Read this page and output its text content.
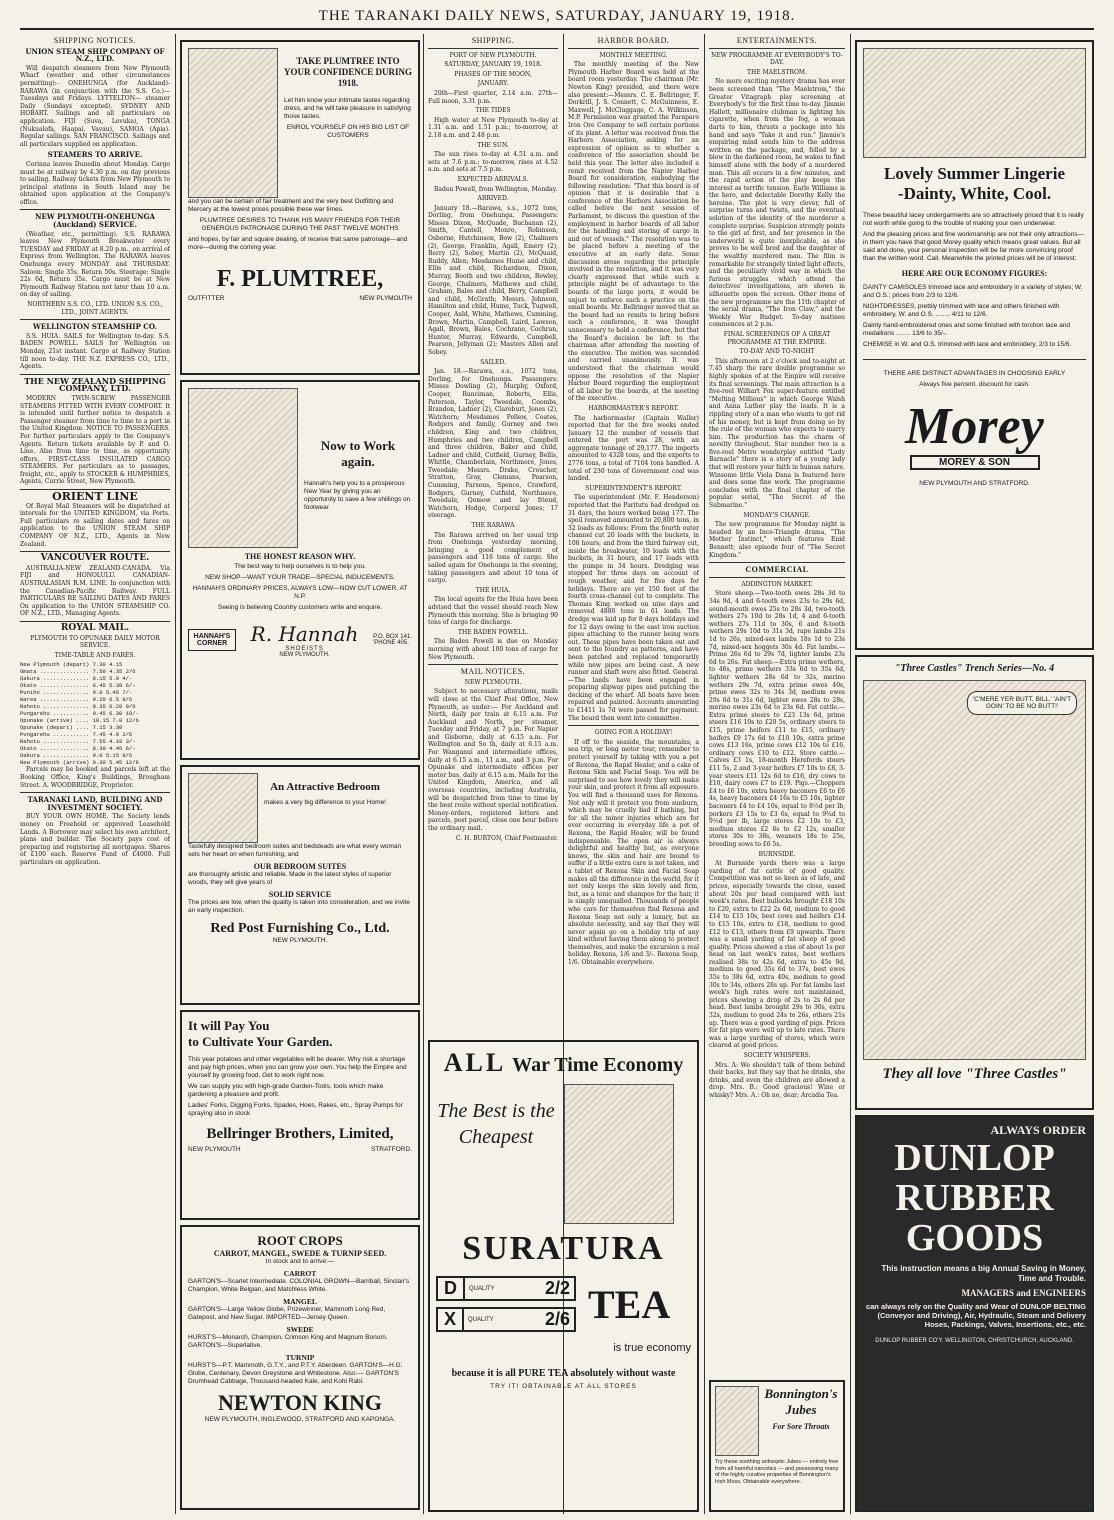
THE TARANAKI DAILY NEWS, SATURDAY, JANUARY 19, 1918.
SHIPPING NOTICES.
UNION STEAM SHIP COMPANY OF N.Z., LTD.

Will despatch steamers from New Plymouth Wharf (weather and other circumstances permitting):- ONEHUNGA (for Auckland)- RARAWA (in conjunction with the S.S. Co.)—Tuesdays and Fridays. LYTTELTON— steamer Daily (Sundays excepted). SYDNEY AND HOBART. Sailings and all particulars on application. FIJI (Suva, Levuka), TONGA (Nukualofa, Haapai, Vavau), SAMOA (Apia). Regular sailings. SAN FRANCISCO. Sailings and all particulars supplied on application.

STEAMERS TO ARRIVE.

Corinna leaves Dunedin about Monday. Cargo must be at railway by 4.30 p.m. on day previous to sailing. Railway tickets from New Plymouth to principal stations in South Island may be obtained upon application at the Company's office.

NEW PLYMOUTH-ONEHUNGA (Auckland) SERVICE.

(Weather, etc., permitting). S.S. RARAWA leaves New Plymouth Breakwater every TUESDAY and FRIDAY at 8.20 p.m., on arrival of Express from Wellington. The RARAWA leaves Onehunga every MONDAY and THURSDAY. Saloon: Single 35s, Return 50s. Steerage: Single 22s 6d, Return 35s. Cargo must be at New Plymouth Railway Station not later than 10 a.m. on day of sailing.

NORTHERN S.S. CO., LTD. UNION S.S. CO., LTD., JOINT AGENTS.
WELLINGTON STEAMSHIP CO.

S.S. HUIA. SAILS for Wellington to-day. S.S. BADEN POWELL. SAILS for Wellington on Monday, 21st instant. Cargo at Railway Station till noon to-day. THE N.Z. EXPRESS CO., LTD., Agents.

THE NEW ZEALAND SHIPPING COMPANY, LTD.

MODERN TWIN-SCREW PASSENGER STEAMERS FITTED WITH EVERY COMFORT. It is intended until further notice to despatch a Passenger steamer from time to time to a port in the United Kingdom. NOTICE TO PASSENGERS. For further particulars apply to the Company's Agents. Return tickets available by P. and O. Line. Also from time to time, as opportunity offers, FIRST-CLASS INSULATED CARGO STEAMERS. For particulars as to passages, freight, etc., apply to STOCKER & HUMPHRIES, Agents, Currie Street, New Plymouth.

ORIENT LINE

Of Royal Mail Steamers will be dispatched at intervals for the UNITED KINGDOM, via Ports. Full particulars re sailing dates and fares on application to the UNION STEAM SHIP COMPANY OF N.Z., LTD., Agents in New Zealand.

VANCOUVER ROUTE.

AUSTRALIA-NEW ZEALAND-CANADA. Via FIJI and HONOLULU. CANADIAN-AUSTRALASIAN R.M. LINE. In conjunction with the Canadian-Pacific Railway. FULL PARTICULARS RE SAILING DATES AND FARES On application to the UNION STEAMSHIP CO. OF N.Z., LTD., Managing Agents.

ROYAL MAIL.
PLYMOUTH TO OPUNAKE DAILY MOTOR SERVICE.
TIME-TABLE AND FARES.
New Plymouth (depart) 7.30 4.15
Omata ............... 7.50 4.35 2/6
Oakura .............. 8.15 5.0 4/-
Okato ............... 8.45 5.30 6/-
Puniho .............. 9.0 5.45 7/-
Warea ............... 9.20 6.5 8/6
Rahotu .............. 9.35 6.20 9/6
Pungarehu ........... 9.45 6.30 10/-
Opunake (arrive) .... 10.15 7.0 12/6
Opunake (depart) .... 7.15 3.30
Pungarehu ........... 7.45 4.0 2/6
Rahotu .............. 7.55 4.10 3/-
Okato ............... 8.30 4.45 6/-
Oakura .............. 9.0 5.15 8/6
New Plymouth (arrive) 9.30 5.45 12/6

Parcels may be booked and parcels left at the Booking Office, King's Buildings, Brougham Street. A. WOODBRIDGE, Proprietor.

TARANAKI LAND, BUILDING AND INVESTMENT SOCIETY.

BUY YOUR OWN HOME. The Society lends money on Freehold or approved Leasehold Lands. A Borrower may select his own architect, plans and builder. The Society pays cost of preparing and registering all mortgages. Shares of £100 each. Reserve Fund of £4000. Full particulars on application.

TAKE PLUMTREE INTO YOUR CONFIDENCE DURING 1918.

Let him know your intimate tastes regarding dress, and he will take pleasure in satisfying those tastes.

ENROL YOURSELF ON HIS BIG LIST OF CUSTOMERS

and you can be certain of fair treatment and the very best Outfitting and Mercery at the lowest prices possible these war times.

PLUMTREE DESIRES TO THANK HIS MANY FRIENDS FOR THEIR GENEROUS PATRONAGE DURING THE PAST TWELVE MONTHS

and hopes, by fair and square dealing, of receive that same patronage—and more—during the coming year.

F. PLUMTREE,
OUTFITTER	NEW PLYMOUTH
Now to Work again.

Hannah's help you to a prosperous New Year by giving you an opportunity to save a few shillings on footwear

THE HONEST REASON WHY.

The best way to help ourselves is to help you.

NEW SHOP—WANT YOUR TRADE—SPECIAL INDUCEMENTS.

HANNAH'S ORDINARY PRICES, ALWAYS LOW—NOW CUT LOWER, AT N.P.

Seeing is believing Country customers write and enquire.

HANNAH'S CORNER	R. Hannah
SHOEISTS
NEW PLYMOUTH.
P.O. BOX 141.
'PHONE 405.
An Attractive Bedroom

makes a very big difference to your Home!

Tastefully designed bedroom suites and bedsteads are what every woman sets her heart on when furnishing, and

OUR BEDROOM SUITES

are thoroughly artistic and reliable. Made in the latest styles of superior woods, they will give years of

SOLID SERVICE

The prices are low, when the quality is taken into consideration, and we invite an early inspection.

Red Post Furnishing Co., Ltd.

NEW PLYMOUTH.

It will Pay You
to Cultivate Your Garden.

This year potatoes and other vegetables will be dearer. Why risk a shortage and pay high prices, when you can grow your own. You help the Empire and yourself by growing food. Get to work right now.

We can supply you with high-grade Garden-Tools, tools which make gardening a pleasure and profit.

Ladies' Forks, Digging Forks, Spades, Hoes, Rakes, etc., Spray Pumps for spraying also in stock

Bellringer Brothers, Limited,
NEW PLYMOUTH	STRATFORD.
ROOT CROPS
CARROT, MANGEL, SWEDE & TURNIP SEED.

In stock and to arrive:—

CARROT

GARTON'S—Scarlet Intermediate. COLONIAL GROWN—Barriball, Sinclair's Champion, White Belgian, and Matchless White.

MANGEL

GARTON'S—Large Yellow Globe, Prizewinner, Mammoth Long Red, Gatepost, and New Sugar. IMPORTED—Jersey Queen.

SWEDE

HURST'S—Monarch, Champion, Crimson King and Magnum Bonum. GARTON'S—Superlative.

TURNIP

HURST'S—P.T. Mammoth, G.T.Y., and P.T.Y. Aberdeen. GARTON'S—H.G. Globe, Centenary, Devon Greystone and Whitestone. Also:— GARTON'S Drumhead Cabbage, Thousand-headed Kale, and Kohl Rabi.

NEWTON KING

NEW PLYMOUTH, INGLEWOOD, STRATFORD AND KAPONGA.

SHIPPING.
PORT OF NEW PLYMOUTH.
SATURDAY, JANUARY 19, 1918.
PHASES OF THE MOON,
JANUARY.

20th—First quarter, 2.14 a.m. 27th—Full moon, 3.31 p.m.

THE TIDES

High water at New Plymouth to-day at 1.31 a.m. and 1.51 p.m.; to-morrow, at 2.18 a.m. and 2.48 p.m.

THE SUN.

The sun rises to-day at 4.51 a.m. and sets at 7.6 p.m.; to-morrow, rises at 4.52 a.m. and sets at 7.5 p.m.

EXPECTED ARRIVALS.

Baden Powell, from Wellington, Monday.

ARRIVED.

January 18.—Rarawa, s.s., 1072 tons, Dorling, from Onehunga. Passengers: Misses Dixon, McQuade, Buchanan (2), Smith, Cantell, Monro, Robinson, Osborne, Hutchinson, Bow (2), Chalmers (2), George, Franklin, Agall, Emery (2), Berry (2), Sobey, Martin (2), McQuaid, Ruddy, Allen; Mesdames Hume and child, Ellis and child, Richardson, Dixon, Murray, Booth and two children, Bewley, George, Chalmers, Mathews and child, Graham, Bales and child, Berry, Campbell and child, McGrath; Messrs. Johnson, Hamilton and child, Hume, Tuck, Tugwell, Cooper, Auld, White, Mathews, Cumming, Brown, Martin, Campbell, Laird, Lawson, Agall, Brown, Bales, Cochrane, Cochran, Hunter, Murray, Edwards, Campbell, Pearson, Jellyman (2); Masters Allen and Sobey.

SAILED.

Jan. 18.—Rarawa, s.s., 1072 tons, Dorling, for Onehunga. Passengers: Misses Dowling (2), Murphy, Oxford, Cooper, Runciman, Roberts, Ellis, Paterson, Taylor, Tweedale, Coombs, Brandon, Ladner (2), Clareburt, Jones (2), Watchorn; Mesdames Pellew, Coates, Rodgers and family, Gurney and two children, King and two children, Humphries and two children, Campbell and three children, Baker and child, Ladner and child, Cutfield, Gurney, Bellis, Whittle, Chamberlain, Northmore, Jones, Tweedale; Messrs. Drake, Croucher, Stratton, Gray, Clemans, Pearson, Cumming, Parsons, Spence, Crawford, Rodgers, Gurney, Cutfield, Northmore, Tweedale, Qemow and lay friend, Watchorn, Hodge, Corporal Jones; 17 steerage.

THE RARAWA

The Rarawa arrived on her usual trip from Onehunga yesterday morning, bringing a good complement of passengers and 116 tons of cargo. She sailed again for Onehunga in the evening, taking passengers and about 10 tons of cargo.

THE HUIA.

The local agents for the Huia have been advised that the vessel should reach New Plymouth this morning. She is bringing 90 tons of cargo for discharge.

THE BADEN POWELL.

The Baden Powell is due on Monday morning with about 100 tons of cargo for New Plymouth.

MAIL NOTICES.
NEW PLYMOUTH.

Subject to necessary alterations, mails will close at the Chief Post Office, New Plymouth, as under:— For Auckland and North, daily per train at 6.15 a.m. For Auckland and North, per steamer, Tuesday and Friday, at 7 p.m. For Napier and Gisborne, daily at 6.15 a.m. For Wellington and So th, daily at 6.15 a.m. For Wanganui and intermediate offices, daily at 6.15 a.m., 11 a.m., and 3 p.m. For Opunake and intermediate offices per motor bus, daily at 6.15 a.m. Mails for the United Kingdom, America, and all overseas countries, including Australia, will be despatched from time to time by the best route without special notification. Money-orders, registered letters and parcels, post parcel, close one hour before the ordinary mail.

C. H. BURTON, Chief Postmaster.

HARBOR BOARD.
MONTHLY MEETING.

The monthly meeting of the New Plymouth Harbor Board was held at the board room yesterday. The chairman (Mr. Newton King) presided, and there were also present:—Messrs. C. E. Bellringer, F. Dorkrill, J. S. Connett, C. McGuinness, E. Maxwell, J. McCluggage, C. A. Wilkinson, M.P. Permission was granted the Paraparo Iron Ore Company to sell certain portions of its plant. A letter was received from the Harbors Association, asking for an expression of opinion as to whether a conference of the association should be held this year. The letter also included a remit received from the Napier Harbor Board for consideration, embodying the following resolution: "That this board is of opinion that it is desirable that a conference of the Harbors Association be called before the next session of Parliament, to discuss the question of the employment in harbor boards of all labor for the handling and storing of cargo in and out of vessels." The resolution was to be placed before a meeting of the executive at an early date. Some discussion arose regarding the principle involved in the resolution, and it was very clearly expressed that while such a principle might be of advantage to the boards of the large ports, it would be unjust to enforce such a practice on the small boards. Mr. Bellringer moved that as the board had no remits to bring before such a conference, it was thought unnecessary to hold a conference, but that the Board's decision be left to the chairman after attending the meeting of the executive. The motion was seconded and carried unanimously. It was understood that the chairman would oppose the resolution of the Napier Harbor Board regarding the employment of all labor by the boards, at the meeting of the executive.

HARBORMASTER'S REPORT.

The harbormaster (Captain Waller) reported that for the five weeks ended January 12 the number of vessels that entered the port was 28, with an aggregate tonnage of 29,177. The imports amounted to 4328 tons, and the exports to 2776 tons, a total of 7104 tons handled. A total of 230 tons of Government coal was landed.

SUPERINTENDENT'S REPORT.

The superintendent (Mr. F. Henderson) reported that the Paritutu had dredged on 31 days, the hours worked being 177. The spoil removed amounted to 20,800 tons, in 32 loads as follows: From the fourth outer channel cut 20 loads with the buckets, in 108 hours; and from the third fairway cut, inside the breakwater, 10 loads with the buckets, in 31 hours, and 17 loads with the pumps in 34 hours. Dredging was stopped for three days on account of rough weather, and for five days for holidays. There are yet 150 feet of the fourth cross-channel cut to complete. The Thomas King worked on nine days and removed 4880 tons in 61 loads. The dredge was laid up for 8 days holidays and for 12 days owing to the east iron suction pipes attaching to the runner being worn out. These pipes have been taken out and sent to the foundry as patterns, and have been patched and replaced temporarily while new pipes are being cast. A new runner and shaft were also fitted. General.—The lands have been engaged in preparing slipway pipes and patching the decking of the wharf. All boats have been repaired and painted. Accounts amounting to £1411 1s 7d were passed for payment. The board then went into committee.

GOING FOR A HOLIDAY!

If off to the seaside, the mountains, a sea trip, or long motor tour, remember to protect yourself by taking with you a pot of Rexona, the Rapid Healer, and a cake of Rexona Skin and Facial Soap. You will be surprised to see how lovely they will make your skin, and protect it from all exposure. You will find a thousand uses for Rexona. Not only will it protect you from sunburn, which may be cruelly bad if bathing, but for all the minor injuries which are for ever occurring in everyday life a pot of Rexona, the Rapid Healer, will be found indispensable. The open air is always delightful and healthy but, as everyone knows, the skin and hair are bound to suffer if a little extra care is not taken, and a tablet of Rexona Skin and Facial Soap makes all the difference in the world, for it not only keeps the skin lovely and firm, but, as a tonic and shampoo for the hair, it is simply unequalled. Thousands of people who care for themselves find Rexona and Rexona Soap not only a luxury, but an absolute necessity, and say that they will never again go on a holiday trip of any kind without having them along to protect themselves, and make the excursion a real holiday. Rexona, 1/6 and 3/-. Rexona Soap, 1/6. Obtainable everywhere.

ALL War Time Economy
The Best is the Cheapest
SURATURA
D	QUALITY	2/2
X	QUALITY	2/6 TEA
is true economy
because it is all PURE TEA absolutely without waste
TRY IT! OBTAINABLE AT ALL STORES
ENTERTAINMENTS.
NEW PROGRAMME AT EVERYBODY'S TO-DAY.
THE MAELSTROM.

No more exciting mystery drama has ever been screened than "The Maelstrom," the Greater Vitagraph play screening at Everybody's for the first time to-day. Jimmie Hallett, millionaire clubman is lighting his cigarette, when from the fog, a woman darts to him, thrusts a package into his hand and says "Take it and run." Jimmie's enquiring mind sends him to the address written on the package, and, felled by a blow in the darkened room, he wakes to find himself alone with the body of a murdered man. This all occurs in a few minutes, and the rapid action of the play keeps the interest as terrific tension. Earle Williams is the hero, and delectable Dorothy Kelly the heroine. The plot is very clever, full of surprise turns and twists, and the eventual solution of the identity of the murderer a complete surprise. Suspicion strongly points to the girl at first, and her presence in the underworld is quite inexplicable, as she proves to be well bred and the daughter of the wealthy murdered man. The film is remarkable for strangely tinted light effects, and the peculiarly vivid way in which the furious struggles which attend the detectives' investigations, are shown in silhouette upon the screen. Other items of the new programme are the 11th chapter of the serial drama, "The Iron Claw," and the Weekly War Budget. To-day matinee commences at 2 p.m.

FINAL SCREENINGS OF A GREAT PROGRAMME AT THE EMPIRE.
TO-DAY AND TO-NIGHT

This afternoon at 2 o'clock and to-night at 7.45 sharp the rare double programme so highly spoken of at the Empire will receive its final screenings. The main attraction is a five-reel Wilhart Fox super-feature entitled "Melting Millions" in which George Walsh and Anna Luther play the leads. It is a rippling story of a man who wants to get rid of his money, but is kept from doing so by the rule of the woman who expects to marry him. The production has the charm of novelty throughout. Star number two is a five-reel Metro wonderplay entitled "Lady Barnacle" there is a story of a young lady that will restore your faith in human nature. Winsome little Viola Dana is featured here and does some fine work. The programme concludes with the final chapter of the popular serial, "The Secret of the Submarine."

MONDAY'S CHANGE.

The new programme for Monday night is headed by an Ince-Triangle drama, "The Mother Instinct," which features Enid Bennett; also episode four of "The Secret Kingdom."

COMMERCIAL
ADDINGTON MARKET.

Store sheep.—Two-tooth ewes 28s 3d to 34s 9d, 4 and 6-tooth ewes 23s to 29s 6d, sound-mouth ewes 25s to 28s 3d, two-tooth wethers 27s 10d to 28s 1d, 4 and 6-tooth wethers 27s 11d to 30s, 6 and 8-tooth wethers 29s 10d to 31s 3d, rape lambs 21s 1d to 26s, mixed-sex lambs 18s 1d to 23s 7d, mixed-sex hoggets 30s 4d. Fat lambs.—Prime 26s 6d to 29s 7d, lighter lambs 23s 6d to 26s. Fat sheep.—Extra prime wethers, to 46s, prime wethers 33s 6d to 35s 6d, lighter wethers 28s 6d to 32s, merino wethers 29s 7d, extra prime ewes 40s, prime ewes 32s to 34s 3d, medium ewes 29s 6d to 31s 6d, lighter ewes 28s to 28s, merino ewes 23s 6d to 23s 6d. Fat cattle.—Extra prime steers to £23 13s 6d, prime steers £16 10s to £20 5s, ordinary steers to £15, prime heifers £11 to £15, ordinary heifers £9 17s 6d to £10 10s, extra prime cows £13 16s, prime cows £12 10s to £16, ordinary cows £10 to £12. Store cattle.—Calves £3 1s, 18-month Herefords steers £11 5s, 2 and 3-year heifers £7 10s to £8, 3-year steers £11 12s 6d to £16, dry cows to £10, dairy cows £7 to £19. Pigs.—Choppers £4 to £6 10s, extra heavy baconers £6 to £6 4s, heavy baconers £4 16s to £5 10s, lighter baconers £4 to £4 10s, equal to 8½d per lb, porkers £3 15s to £3 6s, equal to 9¾d to 9½d per lb, large stores £2 10s to £3, medium stores £2 8s to £2 12s, smaller stores 30s to 38s, weaners 18s to 25s, breeding sows to £6 5s.

BURNSIDE.

At Burnside yards there was a large yarding of fat cattle of good quality. Competition was not so keen as of late, and prices, especially towards the close, eased about 20s per head compared with last week's rates. Best bullocks brought £18 10s to £20, extra to £22 2s 6d, medium to good £14 to £15 10s, best cows and heifers £14 to £15 10s, extra to £18, medium to good £12 to £13, others from £9 upwards. There was a small yarding of fat sheep of good quality. Prices showed a rise of about 1s per head on last week's rates, best wethers realised 38s to 42s 6d, extra to 45s 9d, medium to good 35s 6d to 37s, best ewes 35s to 38s 6d, extra 40s, medium to good 30s to 34s, others 28s up. For fat lambs last week's high rates were not maintained, prices showing a drop of 2s to 2s 6d per head. Best lambs brought 29s to 30s, extra 32s, medium to good 24s to 26s, others 21s up. There was a good yarding of pigs. Prices for fat pigs were well up to late rates. There was a large yarding of stores, which were cleared at good prices.

SOCIETY WHISPERS.

Mrs. A: We shouldn't talk of them behind their backs, but they say that he drinks, she drinks, and even the children are allowed a drop. Mrs. B.: Good gracious! Wine or whisky? Mrs. A.: Oh no, dear; Arcadia Tea.

Bonnington's Jubes
For Sore Throats

Try these soothing antiseptic Jubes — entirely free from all harmful narcotics — and possessing many of the highly curative properties of Bonnington's Irish Moss. Obtainable everywhere.

Lovely Summer Lingerie
-Dainty, White, Cool.

These beautiful lacey undergarments are so attractively priced that it is really not worth while going to the trouble of making your own underwear.

And the pleasing prices and fine workmanship are not their only attractions—in them you have that good Morey quality which means great values. But all said and done, your personal inspection will be far more convincing proof than the written word. Call. Meanwhile the printed prices will be of interest:

HERE ARE OUR ECONOMY FIGURES:

DAINTY CAMISOLES trimmed lace and embroidery in a variety of styles; W. and O.S.; prices from 2/3 to 12/6.

NIGHTDRESSES, prettily trimmed with lace and others finished with embroidery, W. and O.S. ........ 4/11 to 12/6.

Dainty hand-embroidered ones and some finished with torchon lace and medallions ........ 13/6 to 35/-.

CHEMISE in W. and O.S. trimmed with lace and embroidery, 2/3 to 15/6.

THERE ARE DISTINCT ADVANTAGES IN CHOOSING EARLY

Always five percent. discount for cash.

Morey
MOREY & SON

NEW PLYMOUTH AND STRATFORD.

"Three Castles" Trench Series—No. 4
'C'MERE YER BUTT, BILL.' 'AIN'T GOIN' TO BE NO BUTT!'
They all love "Three Castles"
ALWAYS ORDER
DUNLOP
RUBBER
GOODS

This instruction means a big Annual Saving in Money, Time and Trouble.

MANAGERS and ENGINEERS

can always rely on the Quality and Wear of DUNLOP BELTING (Conveyor and Driving), Air, Hydraulic, Steam and Delivery Hoses, Packings, Valves, Insertions, etc., etc.

DUNLOP RUBBER CO'Y. WELLINGTON, CHRISTCHURCH, AUCKLAND.
